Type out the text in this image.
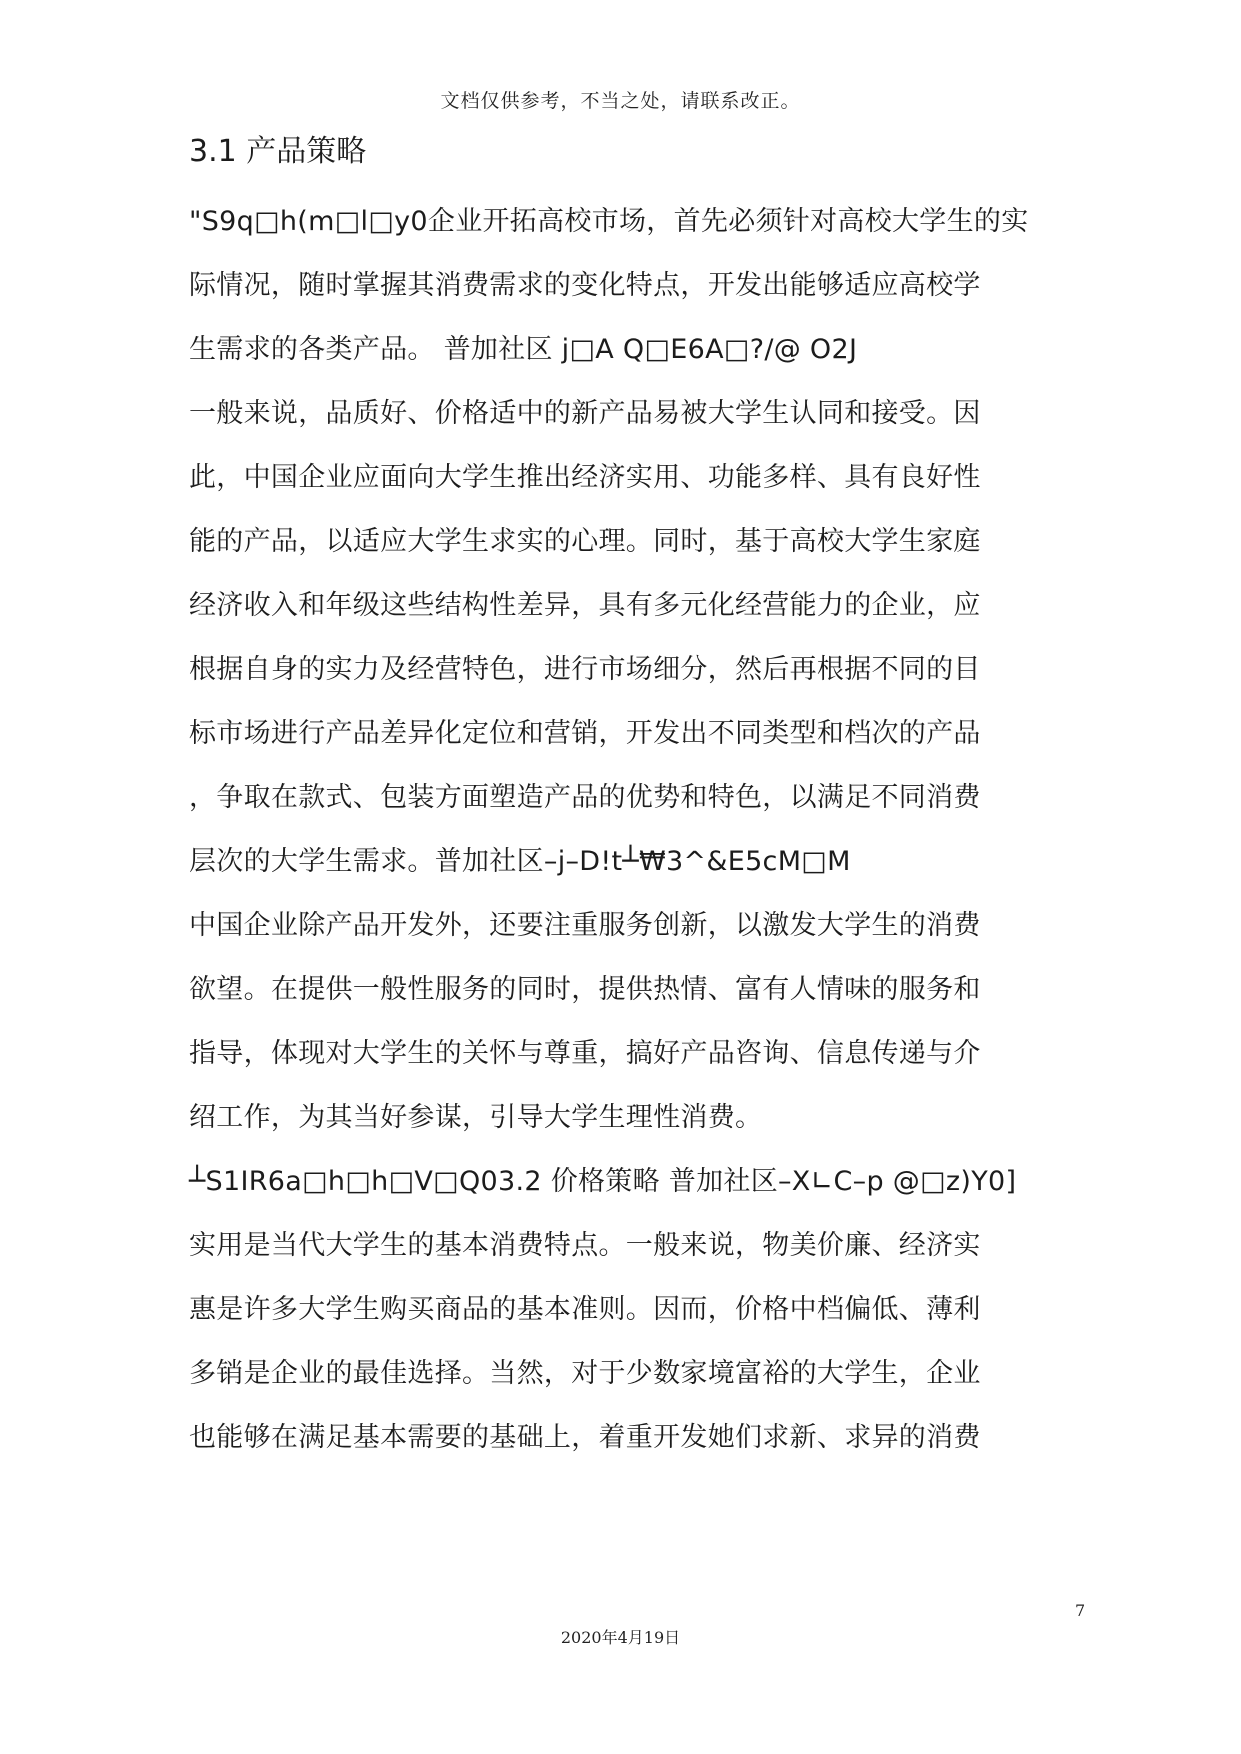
文档仅供参考，不当之处，请联系改正。
3.1 产品策略
"S9q□h(m□l□y0企业开拓高校市场，首先必须针对高校大学生的实
际情况，随时掌握其消费需求的变化特点，开发出能够适应高校学
生需求的各类产品。 普加社区 j□A Q□E6A□?/@ O2J
一般来说，品质好、价格适中的新产品易被大学生认同和接受。因
此，中国企业应面向大学生推出经济实用、功能多样、具有良好性
能的产品，以适应大学生求实的心理。同时，基于高校大学生家庭
经济收入和年级这些结构性差异，具有多元化经营能力的企业，应
根据自身的实力及经营特色，进行市场细分，然后再根据不同的目
标市场进行产品差异化定位和营销，开发出不同类型和档次的产品
，争取在款式、包装方面塑造产品的优势和特色，以满足不同消费
层次的大学生需求。普加社区–j–D!t┴₩3^&E5cM□M
中国企业除产品开发外，还要注重服务创新，以激发大学生的消费
欲望。在提供一般性服务的同时，提供热情、富有人情味的服务和
指导，体现对大学生的关怀与尊重，搞好产品咨询、信息传递与介
绍工作，为其当好参谋，引导大学生理性消费。
┴S1IR6a□h□h□V□Q03.2 价格策略 普加社区–X∟C–p @□z)Y0]
实用是当代大学生的基本消费特点。一般来说，物美价廉、经济实
惠是许多大学生购买商品的基本准则。因而，价格中档偏低、薄利
多销是企业的最佳选择。当然，对于少数家境富裕的大学生，企业
也能够在满足基本需要的基础上，着重开发她们求新、求异的消费
7
2020年4月19日
